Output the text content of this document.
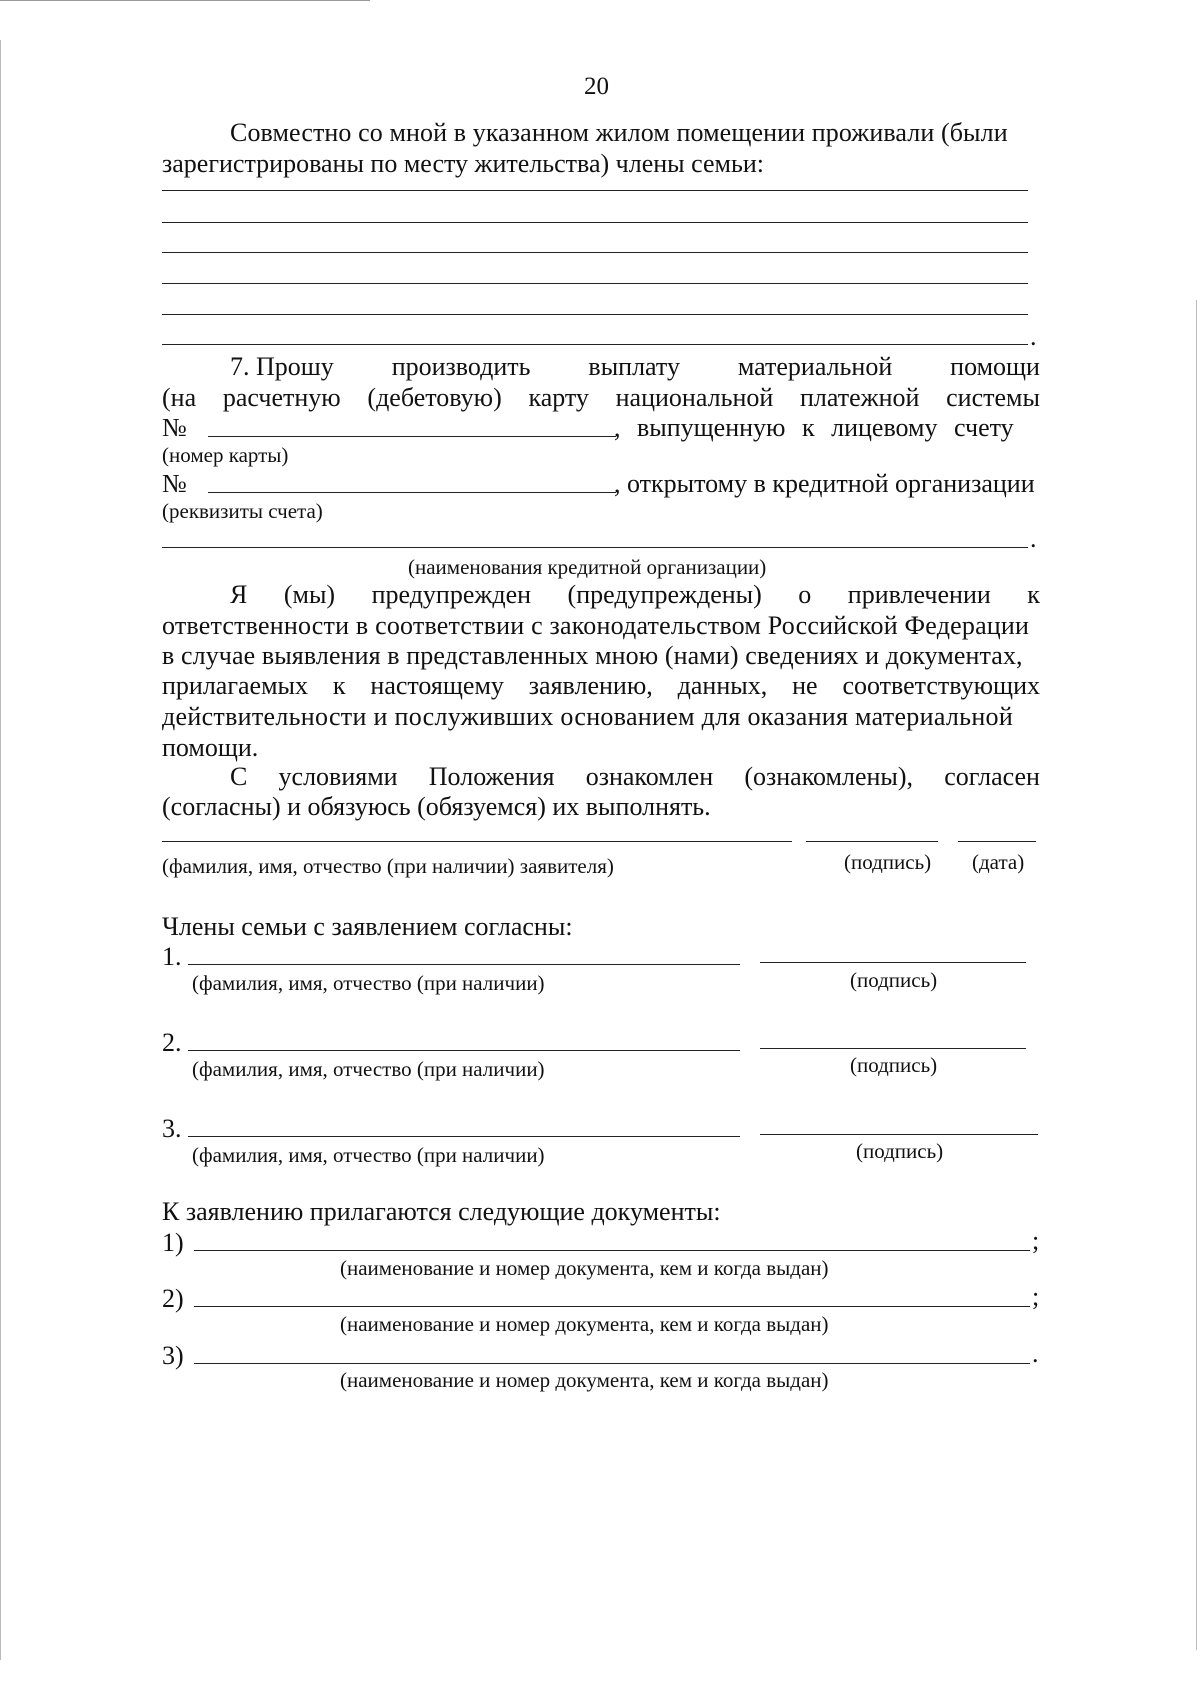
20
Совместно со мной в указанном жилом помещении проживали (были
зарегистрированы по месту жительства) члены семьи:
.
7. Прошу производить выплату материальной помощи
(на расчетную (дебетовую) карту национальной платежной системы
№	, выпущенную к лицевому счету
(номер карты)
№	, открытому в кредитной организации
(реквизиты счета)
.
(наименования кредитной организации)
Я (мы) предупрежден (предупреждены) о привлечении к
ответственности в соответствии с законодательством Российской Федерации
в случае выявления в представленных мною (нами) сведениях и документах,
прилагаемых к настоящему заявлению, данных, не соответствующих
действительности и послуживших основанием для оказания материальной
помощи.
С условиями Положения ознакомлен (ознакомлены), согласен
(согласны) и обязуюсь (обязуемся) их выполнять.
(фамилия, имя, отчество (при наличии) заявителя)	(подпись) (дата)
Члены семьи с заявлением согласны:
1.
(фамилия, имя, отчество (при наличии)	(подпись)
2.
(фамилия, имя, отчество (при наличии)	(подпись)
3.
(фамилия, имя, отчество (при наличии)	(подпись)
К заявлению прилагаются следующие документы:
1)	;
(наименование и номер документа, кем и когда выдан)
2)	;
(наименование и номер документа, кем и когда выдан)
3)	.
(наименование и номер документа, кем и когда выдан)
